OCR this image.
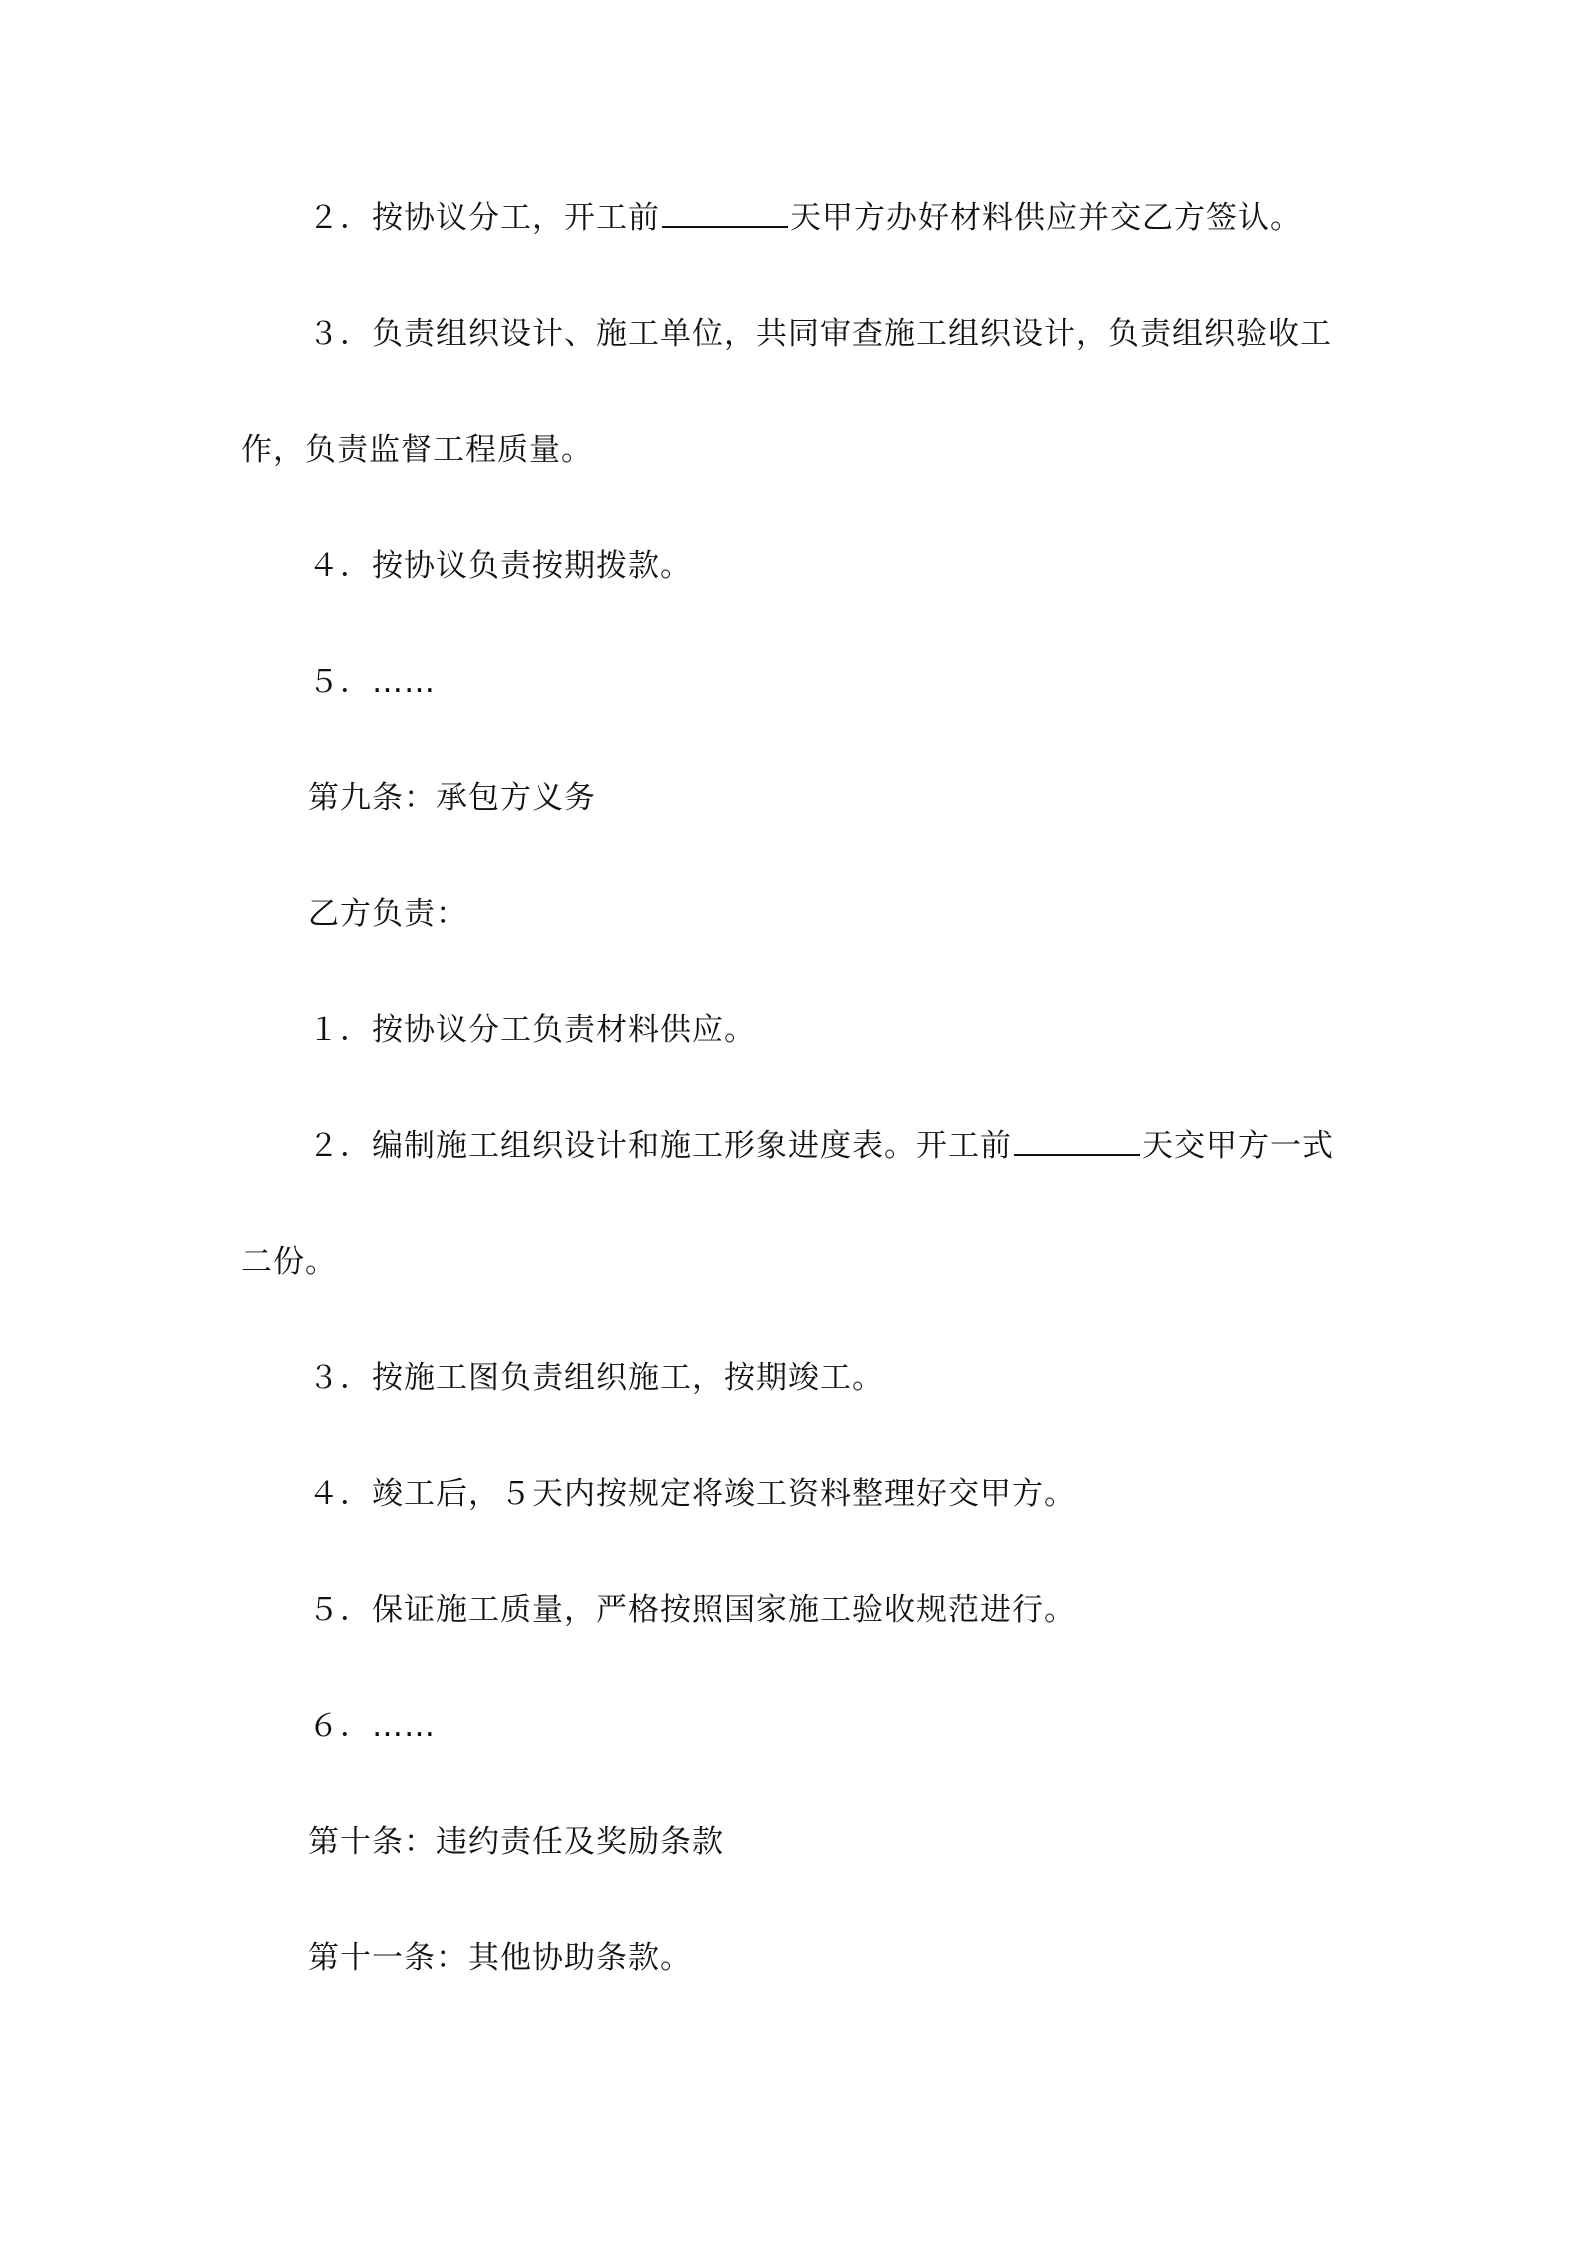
２．按协议分工，开工前	天甲方办好材料供应并交乙方签认。
３．负责组织设计、施工单位，共同审查施工组织设计，负责组织验收工
作，负责监督工程质量。
４．按协议负责按期拨款。
５．……
第九条：承包方义务
乙方负责：
１．按协议分工负责材料供应。
２．编制施工组织设计和施工形象进度表。开工前	天交甲方一式
二份。
３．按施工图负责组织施工，按期竣工。
４．竣工后，５天内按规定将竣工资料整理好交甲方。
５．保证施工质量，严格按照国家施工验收规范进行。
６．……
第十条：违约责任及奖励条款
第十一条：其他协助条款。
